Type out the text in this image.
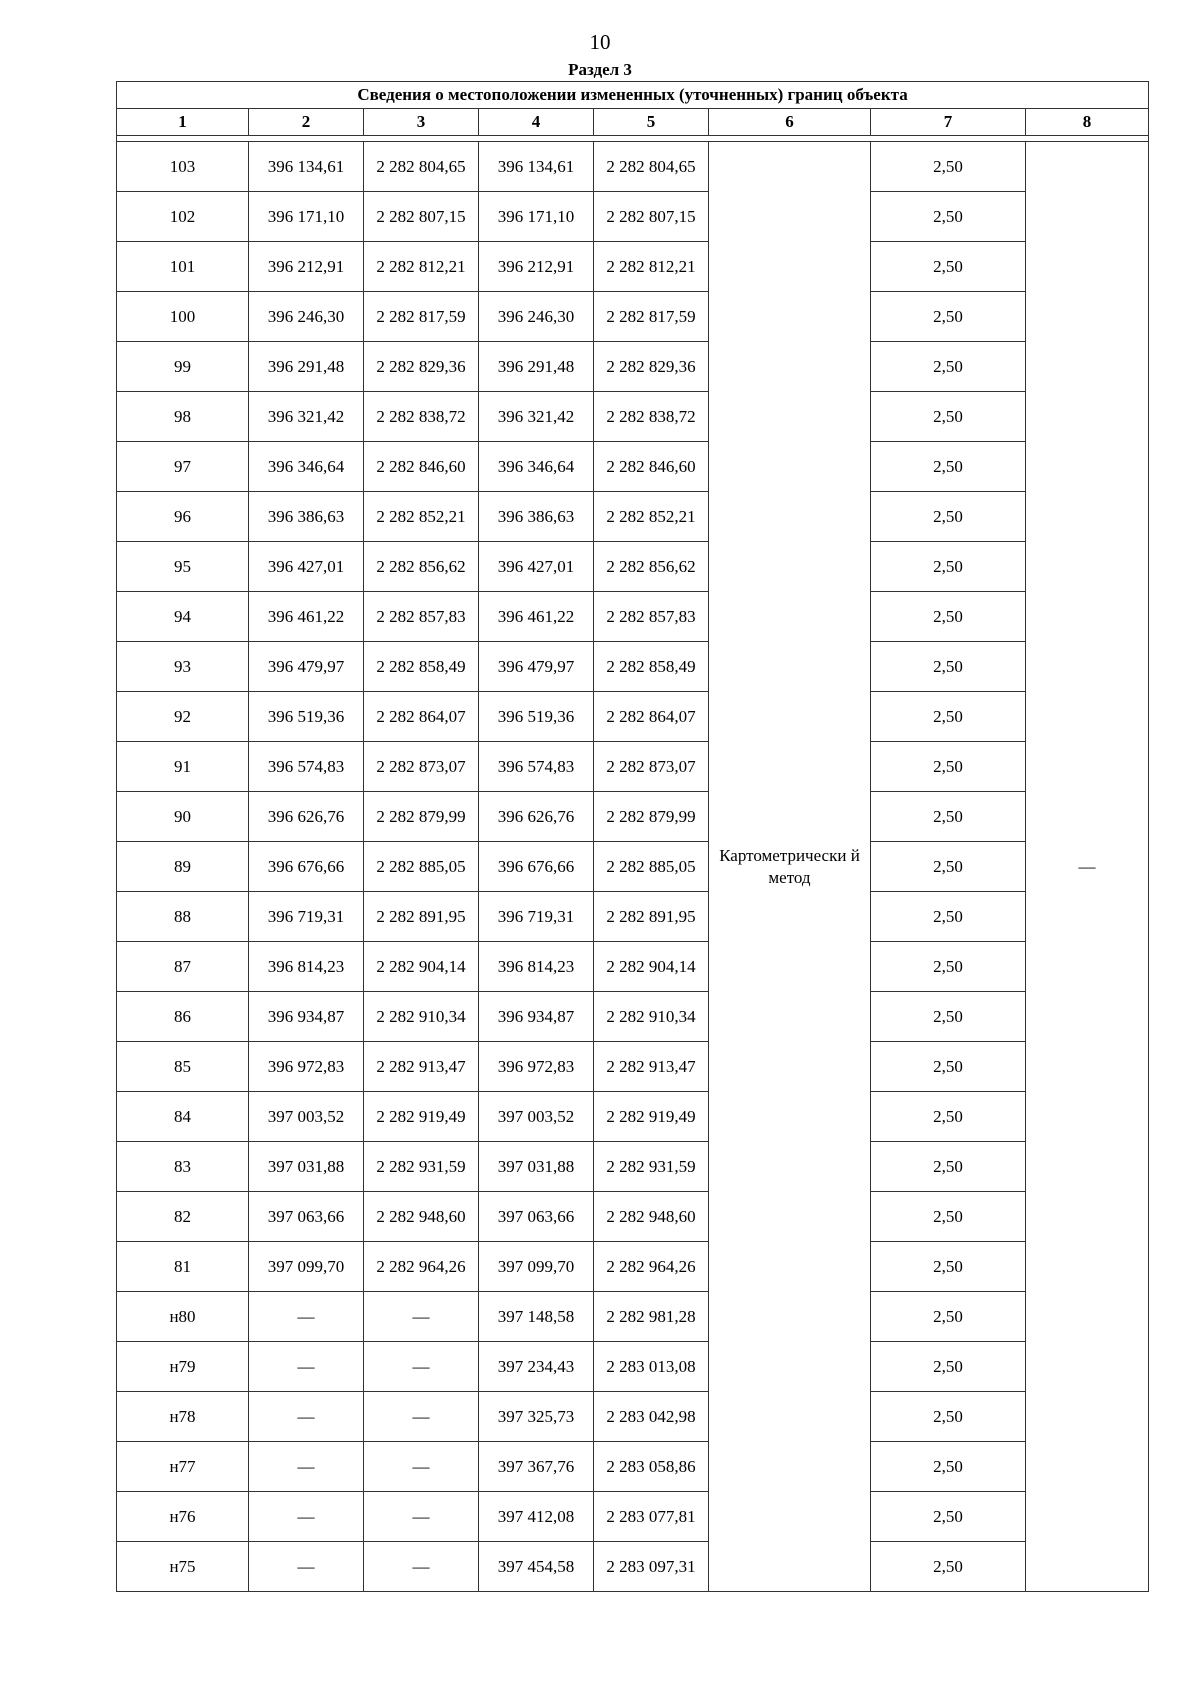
10
Раздел 3
Сведения о местоположении измененных (уточненных) границ объекта							
1	2	3	4	5	6	7	8

103	396 134,61	2 282 804,65	396 134,61	2 282 804,65	Картометрически й метод	2,50	—
102	396 171,10	2 282 807,15	396 171,10	2 282 807,15		2,50	
101	396 212,91	2 282 812,21	396 212,91	2 282 812,21		2,50	
100	396 246,30	2 282 817,59	396 246,30	2 282 817,59		2,50	
99	396 291,48	2 282 829,36	396 291,48	2 282 829,36		2,50	
98	396 321,42	2 282 838,72	396 321,42	2 282 838,72		2,50	
97	396 346,64	2 282 846,60	396 346,64	2 282 846,60		2,50	
96	396 386,63	2 282 852,21	396 386,63	2 282 852,21		2,50	
95	396 427,01	2 282 856,62	396 427,01	2 282 856,62		2,50	
94	396 461,22	2 282 857,83	396 461,22	2 282 857,83		2,50	
93	396 479,97	2 282 858,49	396 479,97	2 282 858,49		2,50	
92	396 519,36	2 282 864,07	396 519,36	2 282 864,07		2,50	
91	396 574,83	2 282 873,07	396 574,83	2 282 873,07		2,50	
90	396 626,76	2 282 879,99	396 626,76	2 282 879,99		2,50	
89	396 676,66	2 282 885,05	396 676,66	2 282 885,05		2,50	
88	396 719,31	2 282 891,95	396 719,31	2 282 891,95		2,50	
87	396 814,23	2 282 904,14	396 814,23	2 282 904,14		2,50	
86	396 934,87	2 282 910,34	396 934,87	2 282 910,34		2,50	
85	396 972,83	2 282 913,47	396 972,83	2 282 913,47		2,50	
84	397 003,52	2 282 919,49	397 003,52	2 282 919,49		2,50	
83	397 031,88	2 282 931,59	397 031,88	2 282 931,59		2,50	
82	397 063,66	2 282 948,60	397 063,66	2 282 948,60		2,50	
81	397 099,70	2 282 964,26	397 099,70	2 282 964,26		2,50	
н80	—	—	397 148,58	2 282 981,28		2,50	
н79	—	—	397 234,43	2 283 013,08		2,50	
н78	—	—	397 325,73	2 283 042,98		2,50	
н77	—	—	397 367,76	2 283 058,86		2,50	
н76	—	—	397 412,08	2 283 077,81		2,50	
н75	—	—	397 454,58	2 283 097,31		2,50	
